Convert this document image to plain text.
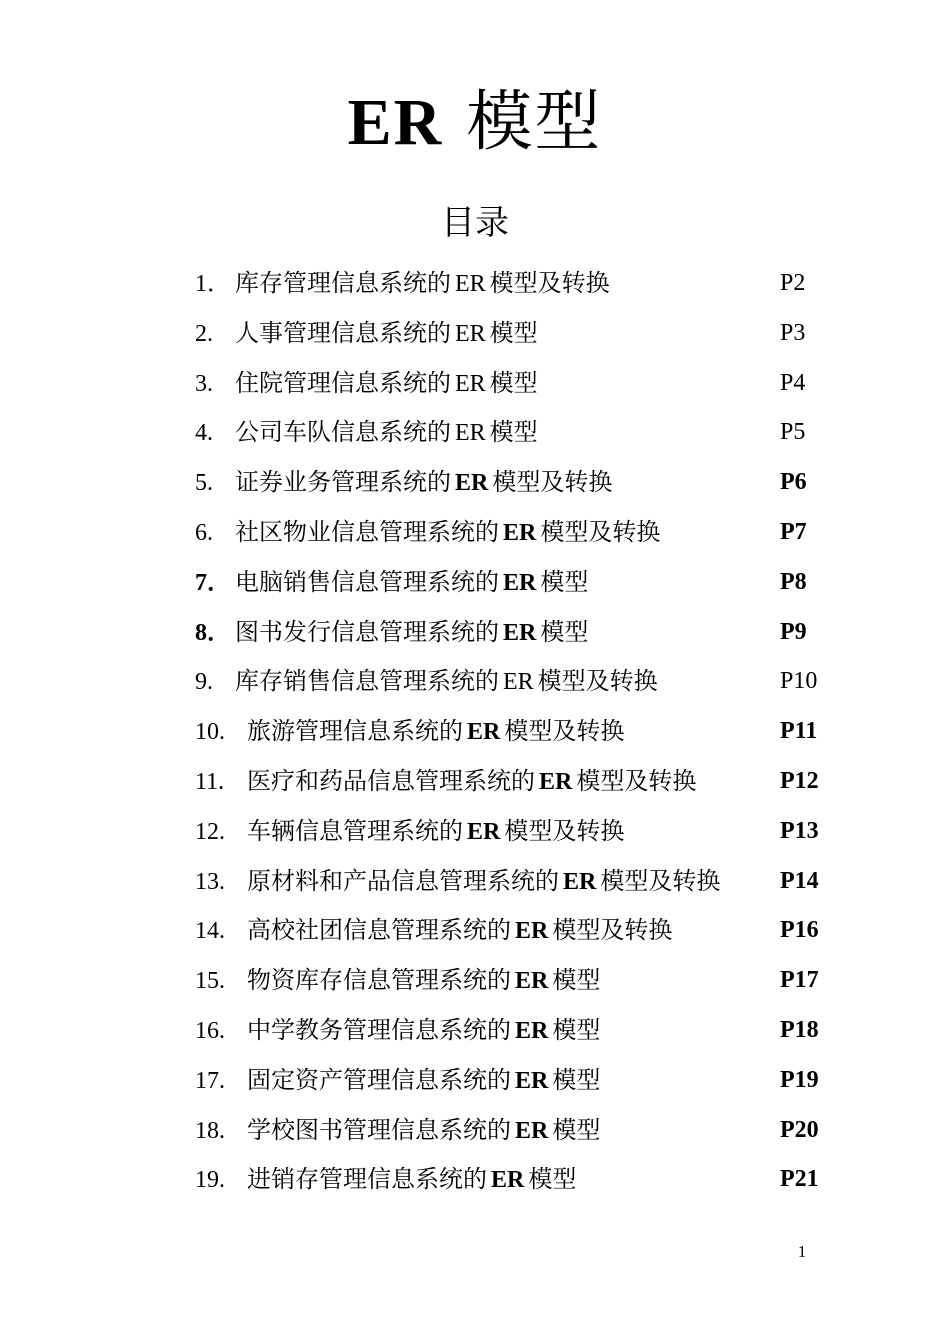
ER 模型
目录
1． 库存管理信息系统的 ER 模型及转换	P2
2. 人事管理信息系统的 ER 模型	P3
3. 住院管理信息系统的 ER 模型	P4
4. 公司车队信息系统的 ER 模型	P5
5. 证券业务管理系统的 ER 模型及转换	P6
6. 社区物业信息管理系统的 ER 模型及转换	P7
7． 电脑销售信息管理系统的 ER 模型	P8
8． 图书发行信息管理系统的 ER 模型	P9
9. 库存销售信息管理系统的 ER 模型及转换	P10
10. 旅游管理信息系统的 ER 模型及转换	P11
11. 医疗和药品信息管理系统的 ER 模型及转换	P12
12. 车辆信息管理系统的 ER 模型及转换	P13
13. 原材料和产品信息管理系统的 ER 模型及转换 P14
14. 高校社团信息管理系统的 ER 模型及转换	P16
15. 物资库存信息管理系统的 ER 模型	P17
16. 中学教务管理信息系统的 ER 模型	P18
17. 固定资产管理信息系统的 ER 模型	P19
18. 学校图书管理信息系统的 ER 模型	P20
19. 进销存管理信息系统的 ER 模型	P21
1
